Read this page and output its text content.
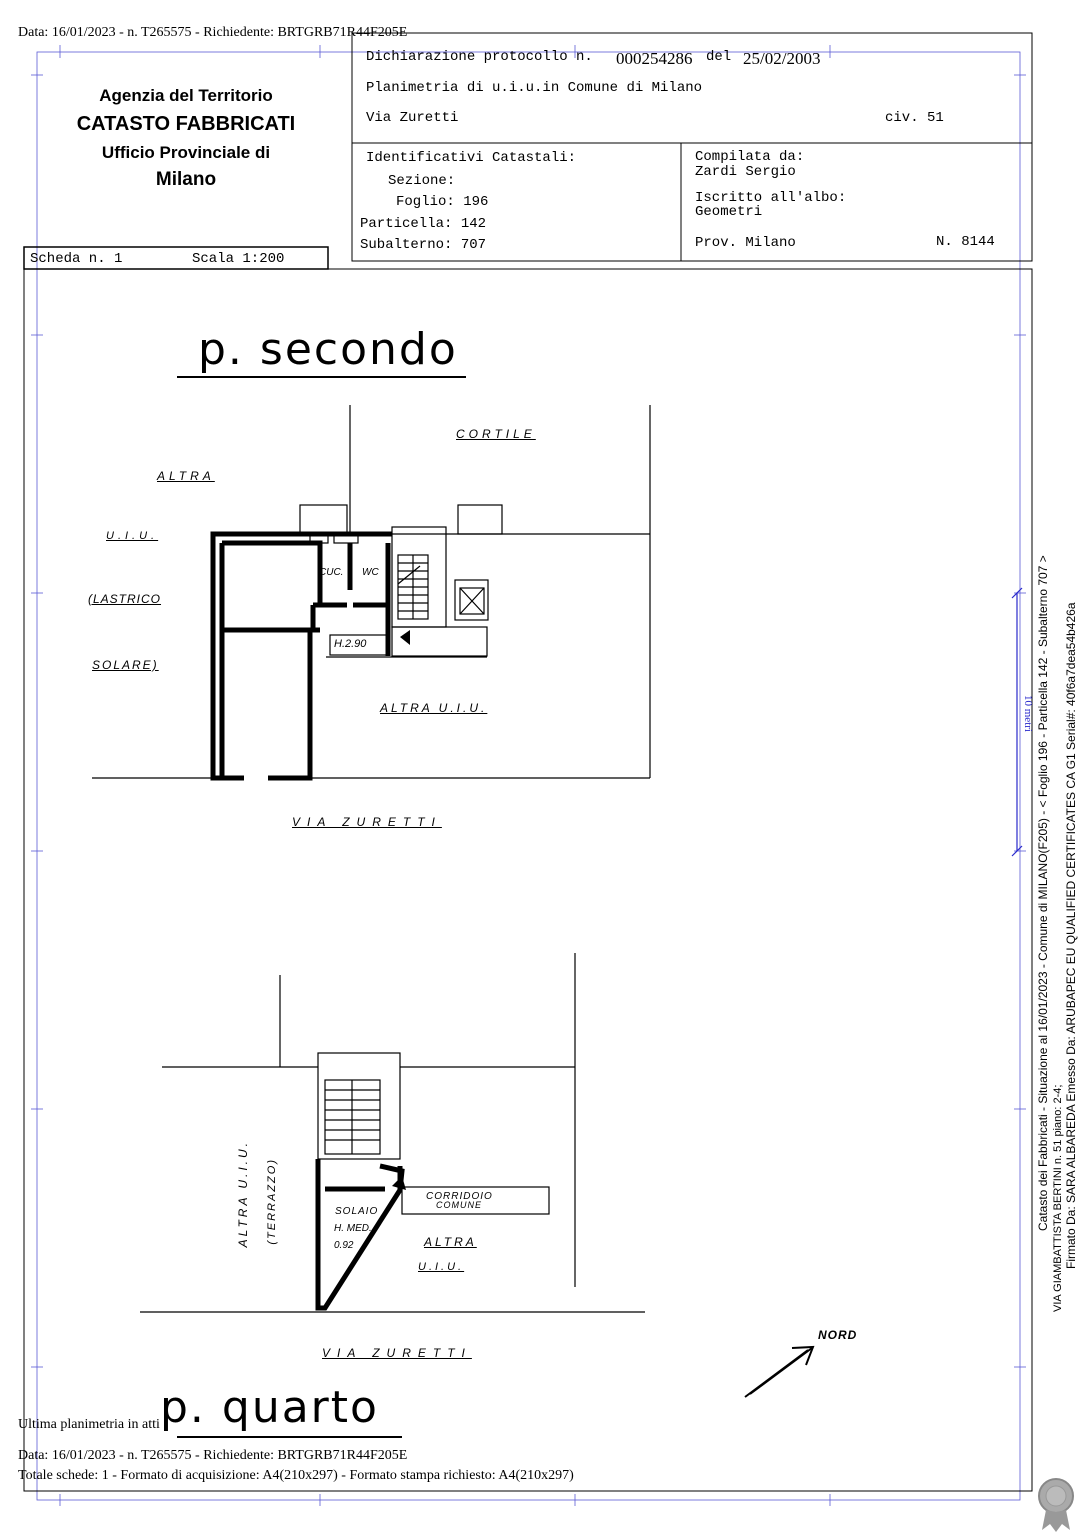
Data: 16/01/2023 - n. T265575 - Richiedente: BRTGRB71R44F205E
Agenzia del Territorio
CATASTO FABBRICATI
Ufficio Provinciale di
Milano
Dichiarazione protocollo n. 000254286 del 25/02/2003
Planimetria di u.i.u.in Comune di Milano
Via Zuretti	civ. 51
Identificativi Catastali:
Sezione:
Foglio: 196
Particella: 142
Subalterno: 707
Compilata da:
Zardi Sergio
Iscritto all'albo:
Geometri
Prov. Milano	N. 8144
Scheda n. 1	Scala 1:200
p. secondo
CORTILE
ALTRA
U.I.U.
(LASTRICO
SOLARE)
CUC. WC
H.2.90
ALTRA U.I.U.
VIA ZURETTI
ALTRA U.I.U. (TERRAZZO)	CORRIDOIO
COMUNE
SOLAIO
H. MED.
0.92	ALTRA
U.I.U.
VIA ZURETTI
NORD
p. quarto
10 metri
Ultima planimetria in atti
Data: 16/01/2023 - n. T265575 - Richiedente: BRTGRB71R44F205E
Totale schede: 1 - Formato di acquisizione: A4(210x297) - Formato stampa richiesto: A4(210x297)
Catasto dei Fabbricati - Situazione al 16/01/2023 - Comune di MILANO(F205) - < Foglio 196 - Particella 142 - Subalterno 707 > VIA GIAMBATTISTA BERTINI n. 51 piano: 2-4; Firmato Da: SARA ALBAREDA Emesso Da: ARUBAPEC EU QUALIFIED CERTIFICATES CA G1 Serial#: 40f6a7dea54b426a
